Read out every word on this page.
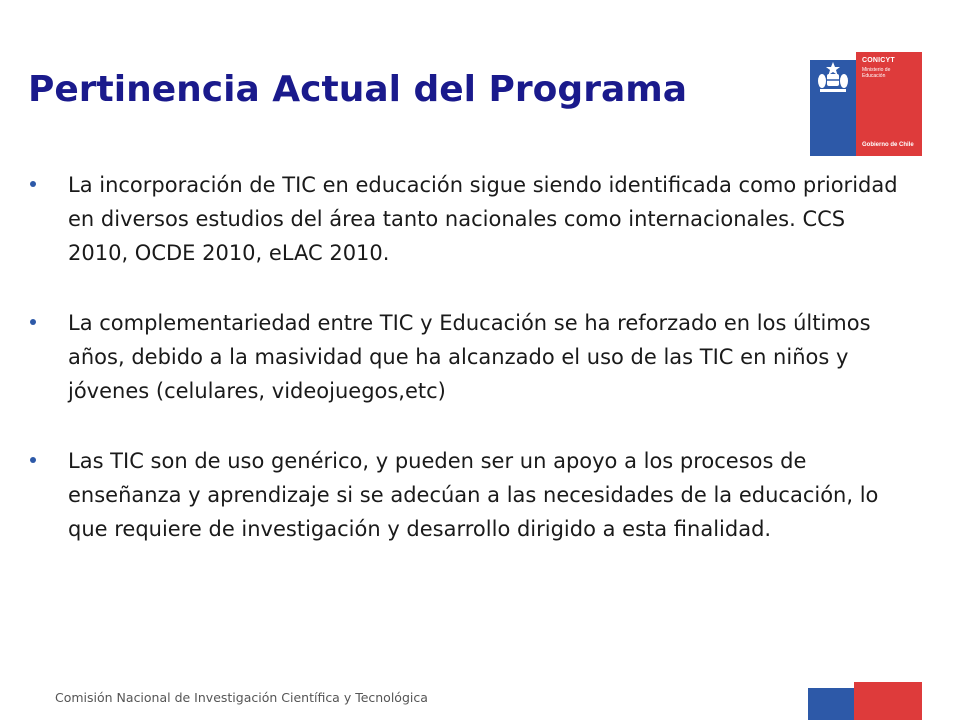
Pertinencia Actual del Programa
CONICYT
Ministerio de
Educación
Gobierno de Chile
La incorporación de TIC en educación sigue siendo identificada como prioridad en diversos estudios del área tanto nacionales como internacionales. CCS 2010, OCDE 2010, eLAC 2010.
La complementariedad entre TIC y Educación se ha reforzado en los últimos años, debido a la masividad que ha alcanzado el uso de las TIC en niños y jóvenes (celulares, videojuegos,etc)
Las TIC son de uso genérico, y pueden ser un apoyo a los procesos de enseñanza y aprendizaje si se adecúan a las necesidades de la educación, lo que requiere de investigación y desarrollo dirigido a esta finalidad.
Comisión Nacional de Investigación Científica y Tecnológica
